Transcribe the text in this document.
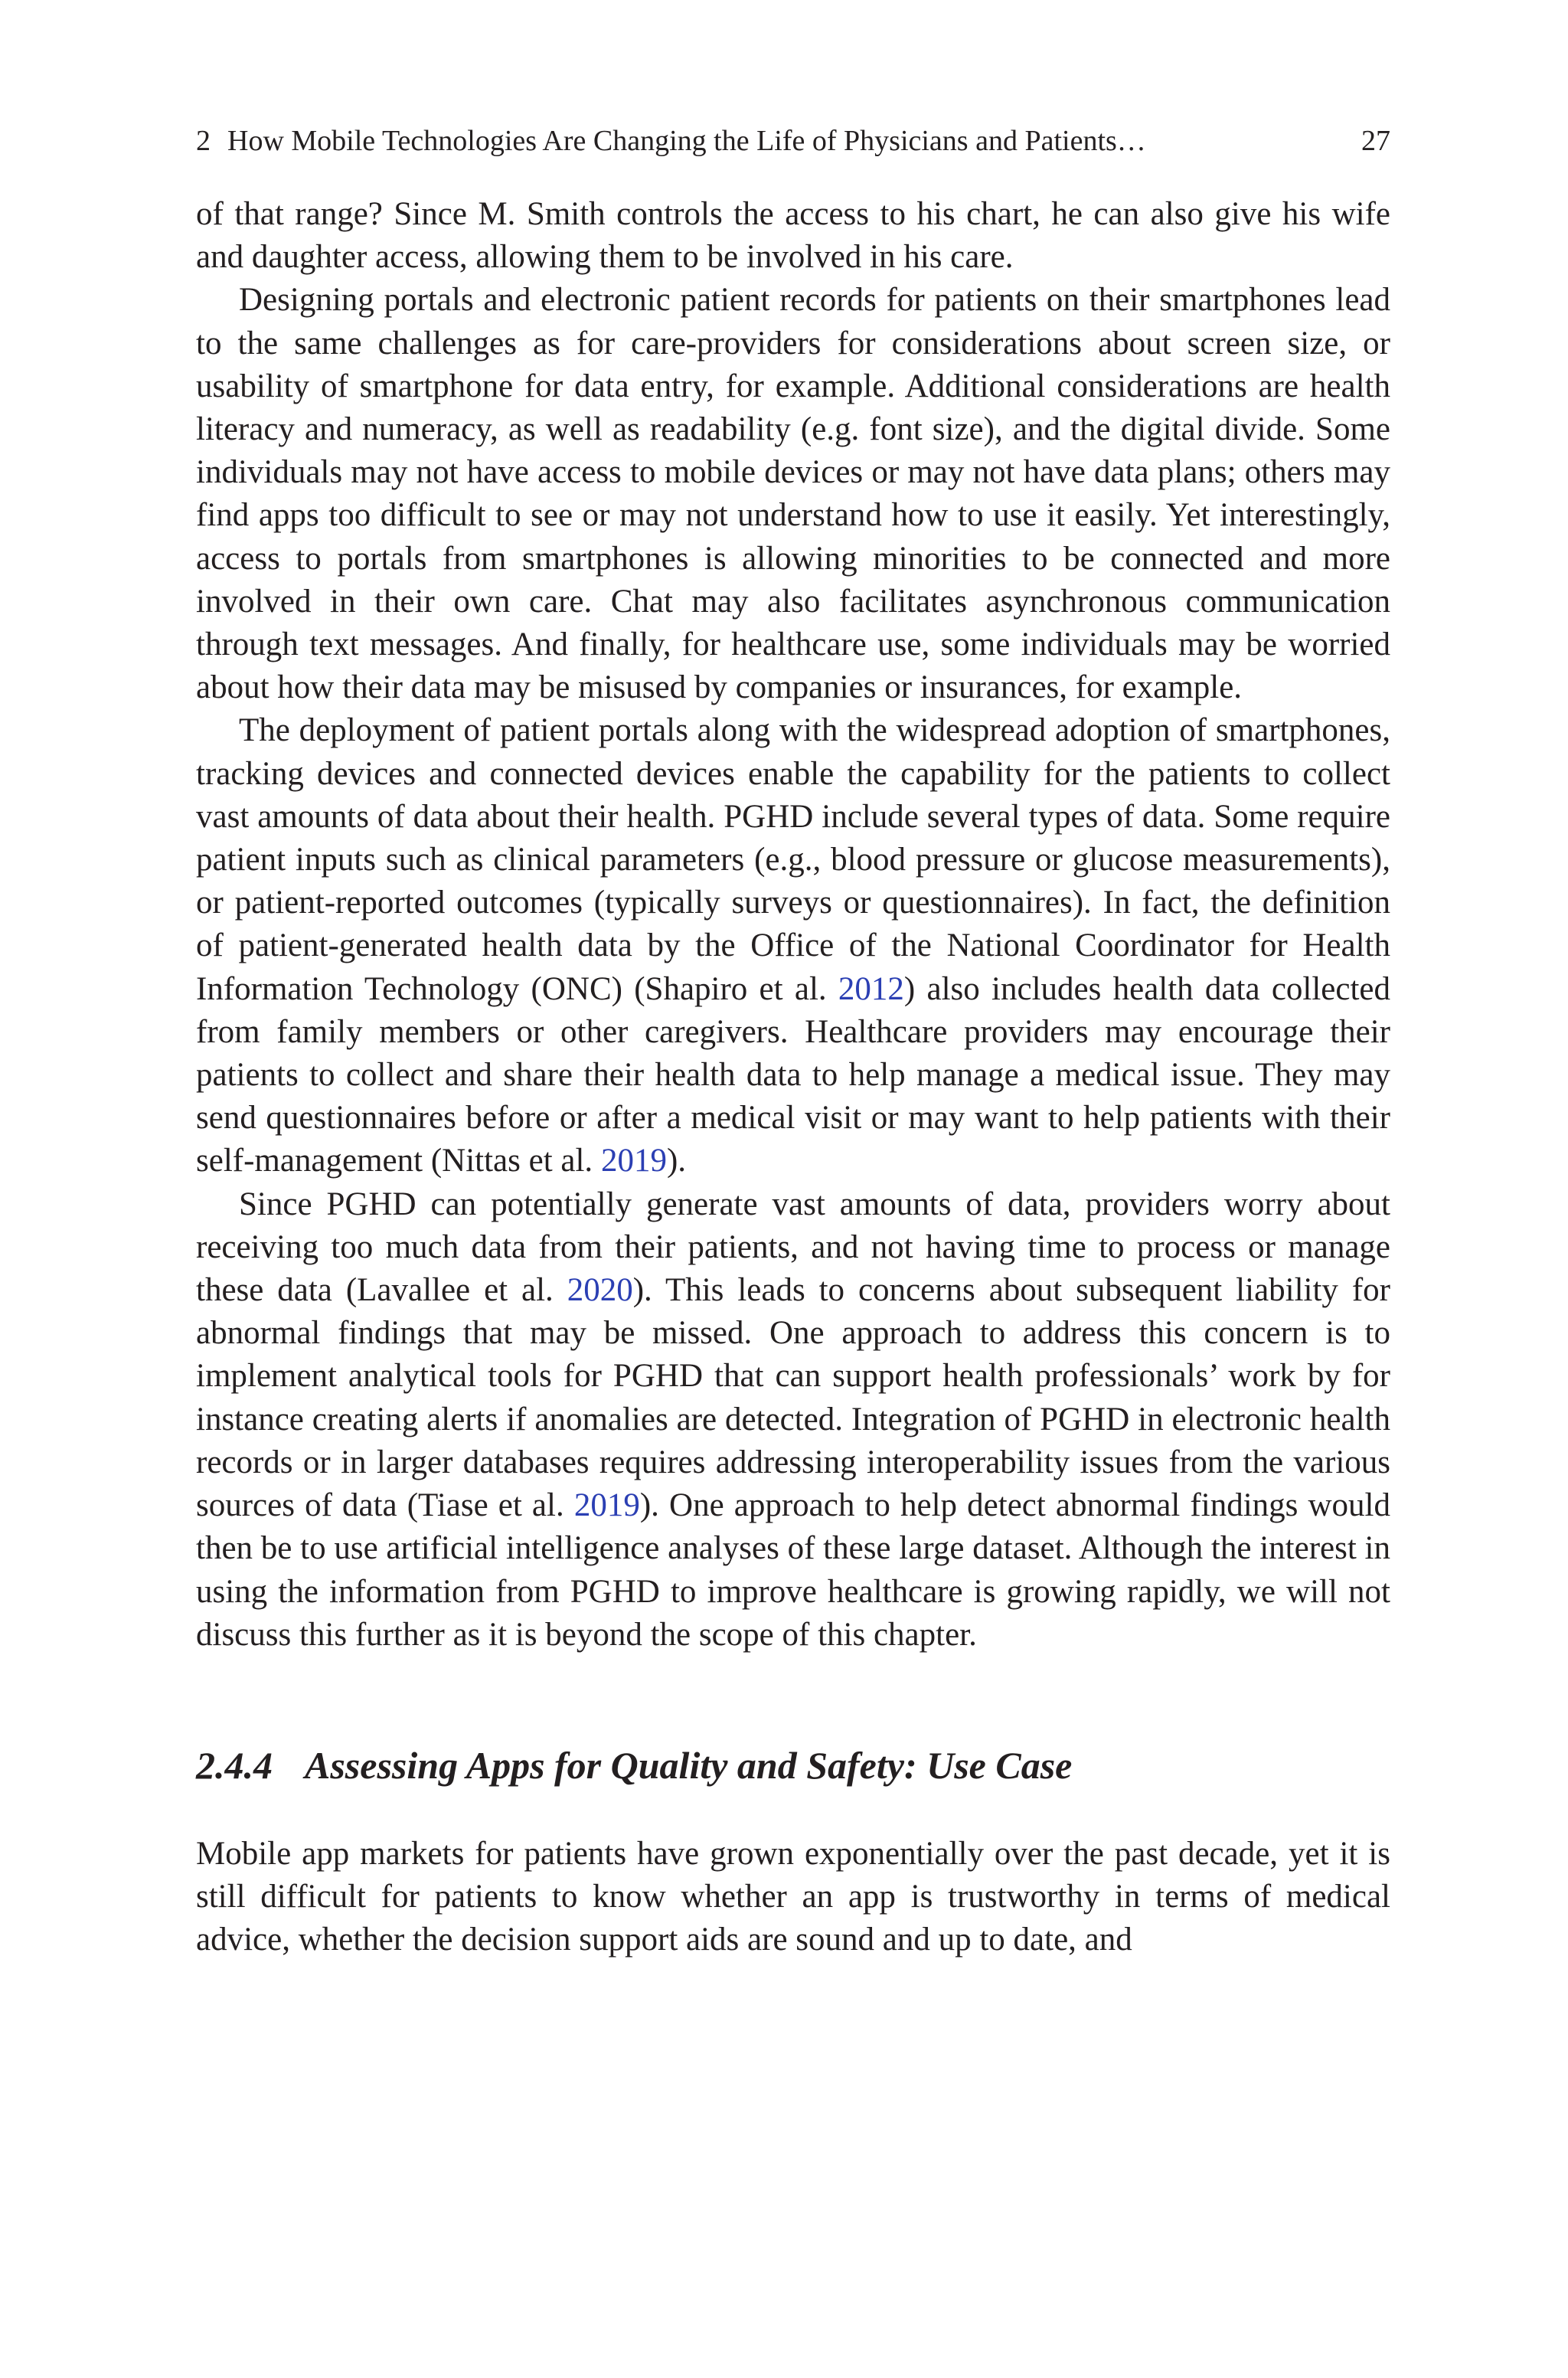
2 How Mobile Technologies Are Changing the Life of Physicians and Patients…	27

of that range? Since M. Smith controls the access to his chart, he can also give his wife and daughter access, allowing them to be involved in his care.

Designing portals and electronic patient records for patients on their smartphones lead to the same challenges as for care-providers for considerations about screen size, or usability of smartphone for data entry, for example. Additional considerations are health literacy and numeracy, as well as readability (e.g. font size), and the digital divide. Some individuals may not have access to mobile devices or may not have data plans; others may find apps too difficult to see or may not understand how to use it easily. Yet interestingly, access to portals from smartphones is allowing minorities to be connected and more involved in their own care. Chat may also facilitates asynchronous communication through text messages. And finally, for healthcare use, some individuals may be worried about how their data may be misused by companies or insurances, for example.

The deployment of patient portals along with the widespread adoption of smartphones, tracking devices and connected devices enable the capability for the patients to collect vast amounts of data about their health. PGHD include several types of data. Some require patient inputs such as clinical parameters (e.g., blood pressure or glucose measurements), or patient-reported outcomes (typically surveys or questionnaires). In fact, the definition of patient-generated health data by the Office of the National Coordinator for Health Information Technology (ONC) (Shapiro et al. 2012) also includes health data collected from family members or other caregivers. Healthcare providers may encourage their patients to collect and share their health data to help manage a medical issue. They may send questionnaires before or after a medical visit or may want to help patients with their self-management (Nittas et al. 2019).

Since PGHD can potentially generate vast amounts of data, providers worry about receiving too much data from their patients, and not having time to process or manage these data (Lavallee et al. 2020). This leads to concerns about subsequent liability for abnormal findings that may be missed. One approach to address this concern is to implement analytical tools for PGHD that can support health professionals’ work by for instance creating alerts if anomalies are detected. Integration of PGHD in electronic health records or in larger databases requires addressing interoperability issues from the various sources of data (Tiase et al. 2019). One approach to help detect abnormal findings would then be to use artificial intelligence analyses of these large dataset. Although the interest in using the information from PGHD to improve healthcare is growing rapidly, we will not discuss this further as it is beyond the scope of this chapter.

2.4.4 Assessing Apps for Quality and Safety: Use Case

Mobile app markets for patients have grown exponentially over the past decade, yet it is still difficult for patients to know whether an app is trustworthy in terms of medical advice, whether the decision support aids are sound and up to date, and
